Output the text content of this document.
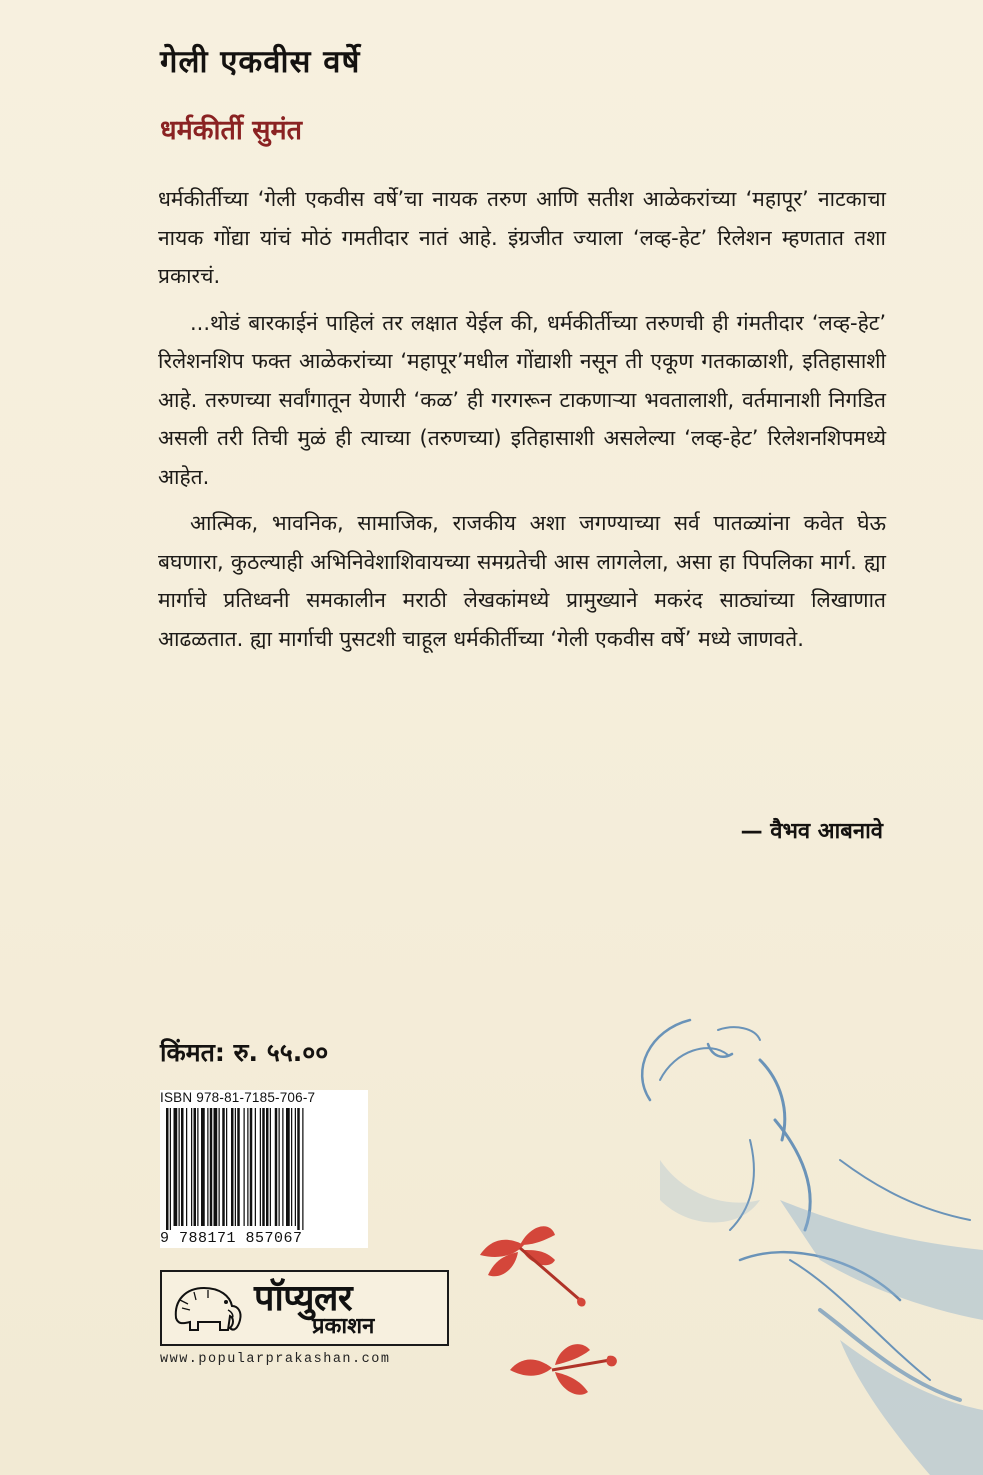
गेली एकवीस वर्षे
धर्मकीर्ती सुमंत

धर्मकीर्तीच्या ‘गेली एकवीस वर्षे’चा नायक तरुण आणि सतीश आळेकरांच्या ‘महापूर’ नाटकाचा नायक गोंद्या यांचं मोठं गमतीदार नातं आहे. इंग्रजीत ज्याला ‘लव्ह-हेट’ रिलेशन म्हणतात तशा प्रकारचं.

...थोडं बारकाईनं पाहिलं तर लक्षात येईल की, धर्मकीर्तीच्या तरुणची ही गंमतीदार ‘लव्ह-हेट’ रिलेशनशिप फक्त आळेकरांच्या ‘महापूर’मधील गोंद्याशी नसून ती एकूण गतकाळाशी, इतिहासाशी आहे. तरुणच्या सर्वांगातून येणारी ‘कळ’ ही गरगरून टाकणाऱ्या भवतालाशी, वर्तमानाशी निगडित असली तरी तिची मुळं ही त्याच्या (तरुणच्या) इतिहासाशी असलेल्या ‘लव्ह-हेट’ रिलेशनशिपमध्ये आहेत.

आत्मिक, भावनिक, सामाजिक, राजकीय अशा जगण्याच्या सर्व पातळ्यांना कवेत घेऊ बघणारा, कुठल्याही अभिनिवेशाशिवायच्या समग्रतेची आस लागलेला, असा हा पिपलिका मार्ग. ह्या मार्गाचे प्रतिध्वनी समकालीन मराठी लेखकांमध्ये प्रामुख्याने मकरंद साठ्यांच्या लिखाणात आढळतात. ह्या मार्गाची पुसटशी चाहूल धर्मकीर्तीच्या ‘गेली एकवीस वर्षे’ मध्ये जाणवते.

— वैभव आबनावे
किंमत: रु. ५५.००
ISBN 978-81-7185-706-7
9 788171 857067
पॉप्युलर
प्रकाशन
www.popularprakashan.com
